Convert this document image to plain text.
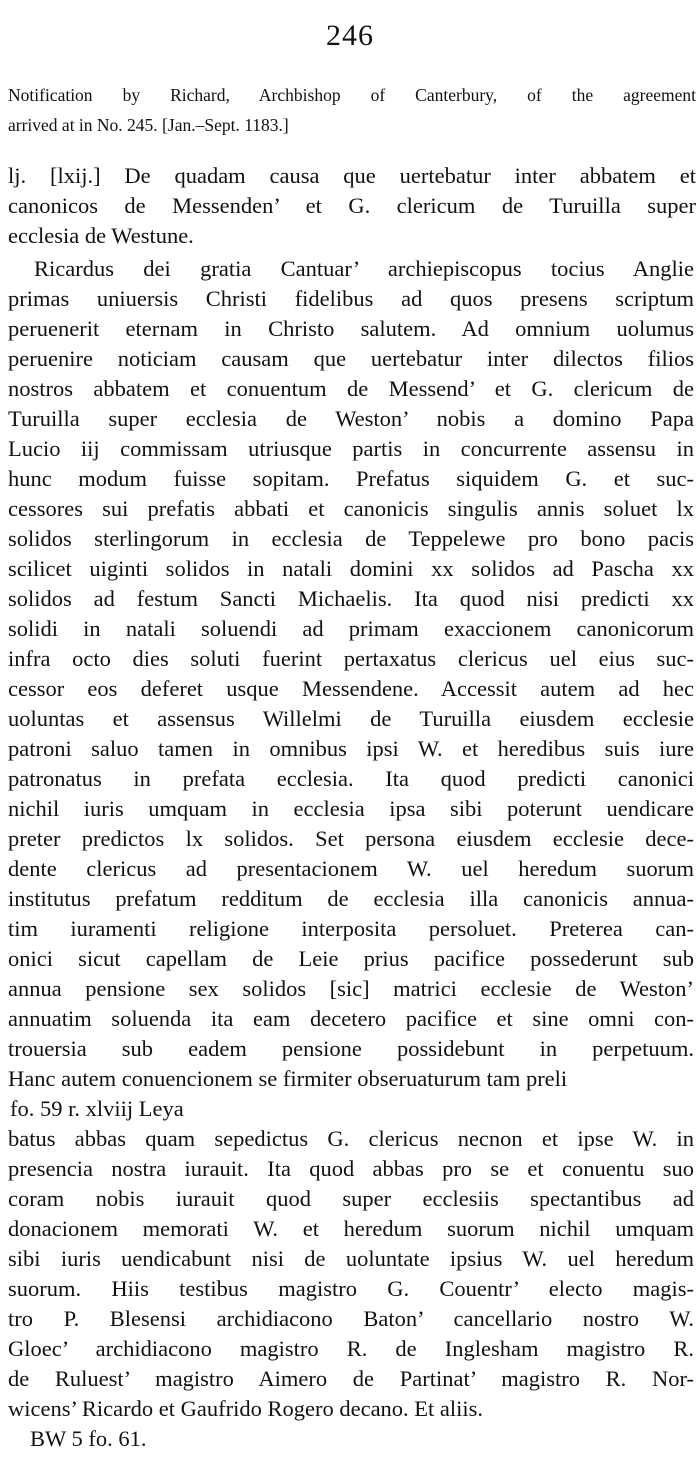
246
Notification by Richard, Archbishop of Canterbury, of the agreement
arrived at in No. 245. [Jan.–Sept. 1183.]
lj. [lxij.] De quadam causa que uertebatur inter abbatem et
canonicos de Messenden’ et G. clericum de Turuilla super
ecclesia de Westune.
Ricardus dei gratia Cantuar’ archiepiscopus tocius Anglie
primas uniuersis Christi fidelibus ad quos presens scriptum
peruenerit eternam in Christo salutem. Ad omnium uolumus
peruenire noticiam causam que uertebatur inter dilectos filios
nostros abbatem et conuentum de Messend’ et G. clericum de
Turuilla super ecclesia de Weston’ nobis a domino Papa
Lucio iij commissam utriusque partis in concurrente assensu in
hunc modum fuisse sopitam. Prefatus siquidem G. et suc-
cessores sui prefatis abbati et canonicis singulis annis soluet lx
solidos sterlingorum in ecclesia de Teppelewe pro bono pacis
scilicet uiginti solidos in natali domini xx solidos ad Pascha xx
solidos ad festum Sancti Michaelis. Ita quod nisi predicti xx
solidi in natali soluendi ad primam exaccionem canonicorum
infra octo dies soluti fuerint pertaxatus clericus uel eius suc-
cessor eos deferet usque Messendene. Accessit autem ad hec
uoluntas et assensus Willelmi de Turuilla eiusdem ecclesie
patroni saluo tamen in omnibus ipsi W. et heredibus suis iure
patronatus in prefata ecclesia. Ita quod predicti canonici
nichil iuris umquam in ecclesia ipsa sibi poterunt uendicare
preter predictos lx solidos. Set persona eiusdem ecclesie dece-
dente clericus ad presentacionem W. uel heredum suorum
institutus prefatum redditum de ecclesia illa canonicis annua-
tim iuramenti religione interposita persoluet. Preterea can-
onici sicut capellam de Leie prius pacifice possederunt sub
annua pensione sex solidos [sic] matrici ecclesie de Weston’
annuatim soluenda ita eam decetero pacifice et sine omni con-
trouersia sub eadem pensione possidebunt in perpetuum.
Hanc autem conuencionem se firmiter obseruaturum tam preli
fo. 59 r. xlviij Leya
batus abbas quam sepedictus G. clericus necnon et ipse W. in
presencia nostra iurauit. Ita quod abbas pro se et conuentu suo
coram nobis iurauit quod super ecclesiis spectantibus ad
donacionem memorati W. et heredum suorum nichil umquam
sibi iuris uendicabunt nisi de uoluntate ipsius W. uel heredum
suorum. Hiis testibus magistro G. Couentr’ electo magis-
tro P. Blesensi archidiacono Baton’ cancellario nostro W.
Gloec’ archidiacono magistro R. de Inglesham magistro R.
de Ruluest’ magistro Aimero de Partinat’ magistro R. Nor-
wicens’ Ricardo et Gaufrido Rogero decano. Et aliis.
BW 5 fo. 61.
